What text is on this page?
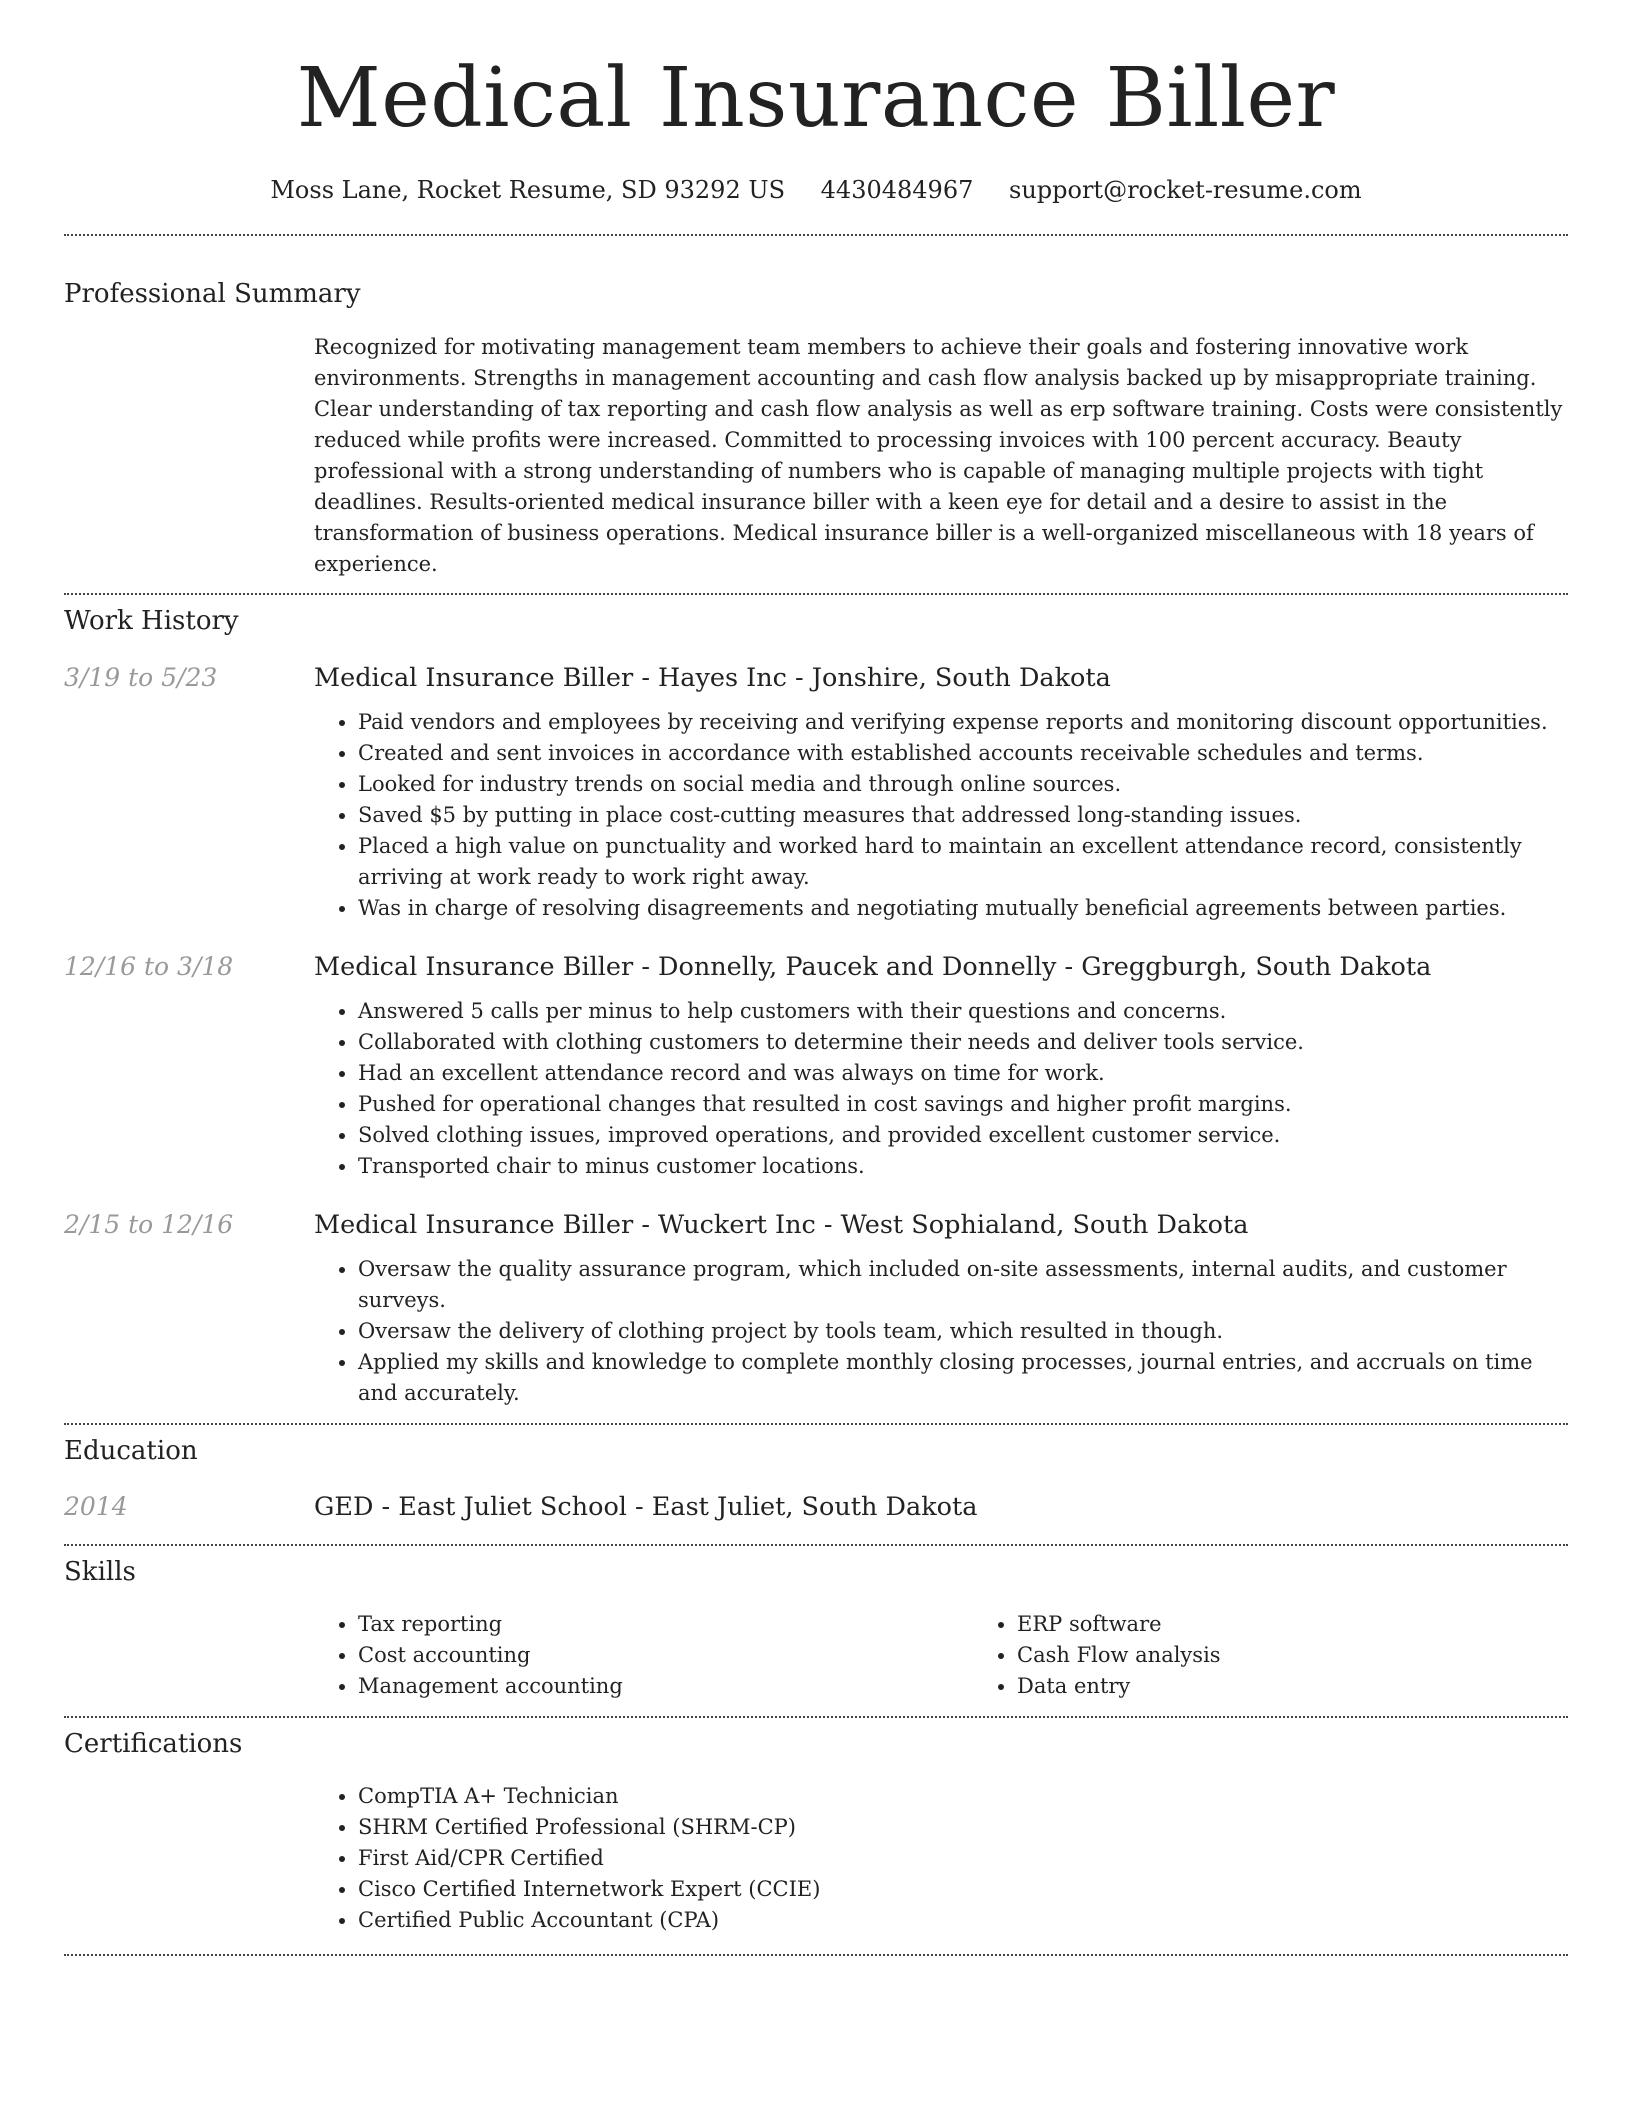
Medical Insurance Biller
Moss Lane, Rocket Resume, SD 93292 US 4430484967 support@rocket-resume.com
Professional Summary
Recognized for motivating management team members to achieve their goals and fostering innovative work environments. Strengths in management accounting and cash flow analysis backed up by misappropriate training. Clear understanding of tax reporting and cash flow analysis as well as erp software training. Costs were consistently reduced while profits were increased. Committed to processing invoices with 100 percent accuracy. Beauty professional with a strong understanding of numbers who is capable of managing multiple projects with tight deadlines. Results-oriented medical insurance biller with a keen eye for detail and a desire to assist in the transformation of business operations. Medical insurance biller is a well-organized miscellaneous with 18 years of experience.
Work History
3/19 to 5/23	Medical Insurance Biller - Hayes Inc - Jonshire, South Dakota
• Paid vendors and employees by receiving and verifying expense reports and monitoring discount opportunities.
• Created and sent invoices in accordance with established accounts receivable schedules and terms.
• Looked for industry trends on social media and through online sources.
• Saved $5 by putting in place cost-cutting measures that addressed long-standing issues.
• Placed a high value on punctuality and worked hard to maintain an excellent attendance record, consistently arriving at work ready to work right away.
• Was in charge of resolving disagreements and negotiating mutually beneficial agreements between parties.
12/16 to 3/18	Medical Insurance Biller - Donnelly, Paucek and Donnelly - Greggburgh, South Dakota
• Answered 5 calls per minus to help customers with their questions and concerns.
• Collaborated with clothing customers to determine their needs and deliver tools service.
• Had an excellent attendance record and was always on time for work.
• Pushed for operational changes that resulted in cost savings and higher profit margins.
• Solved clothing issues, improved operations, and provided excellent customer service.
• Transported chair to minus customer locations.
2/15 to 12/16	Medical Insurance Biller - Wuckert Inc - West Sophialand, South Dakota
• Oversaw the quality assurance program, which included on-site assessments, internal audits, and customer surveys.
• Oversaw the delivery of clothing project by tools team, which resulted in though.
• Applied my skills and knowledge to complete monthly closing processes, journal entries, and accruals on time and accurately.
Education
2014	GED - East Juliet School - East Juliet, South Dakota
Skills
• Tax reporting
• Cost accounting
• Management accounting
• ERP software
• Cash Flow analysis
• Data entry
Certifications
• CompTIA A+ Technician
• SHRM Certified Professional (SHRM-CP)
• First Aid/CPR Certified
• Cisco Certified Internetwork Expert (CCIE)
• Certified Public Accountant (CPA)
